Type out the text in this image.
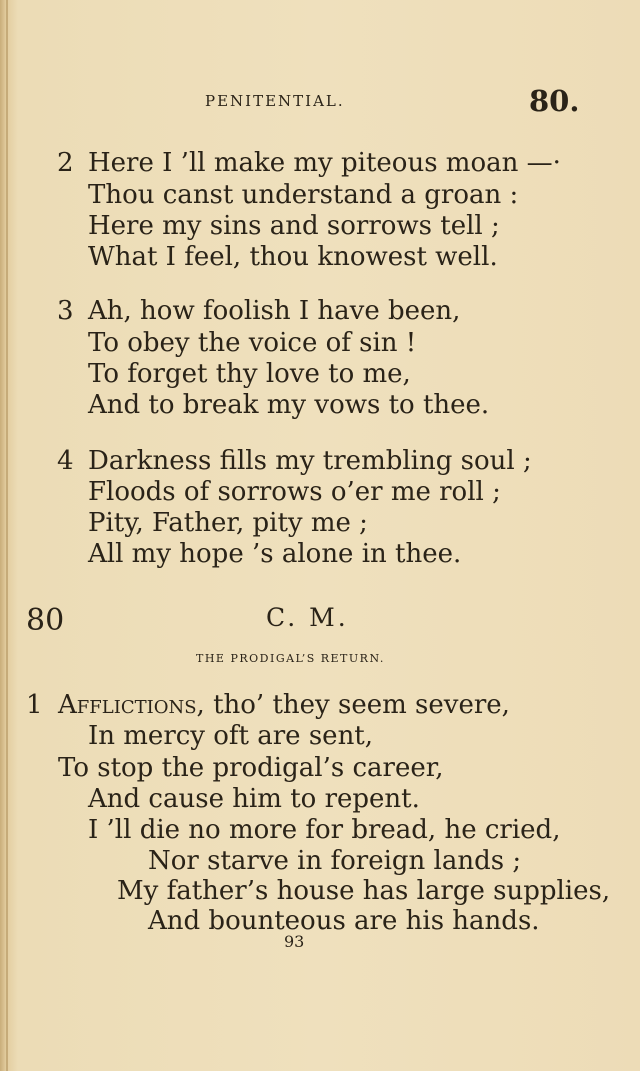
PENITENTIAL.	80.
2 Here I ’ll make my piteous moan —·
Thou canst understand a groan :
Here my sins and sorrows tell ;
What I feel, thou knowest well.
3 Ah, how foolish I have been,
To obey the voice of sin !
To forget thy love to me,
And to break my vows to thee.
4 Darkness fills my trembling soul ;
Floods of sorrows o’er me roll ;
Pity, Father, pity me ;
All my hope ’s alone in thee.
80	C. M.
THE PRODIGAL’S RETURN.
1 Afflictions, tho’ they seem severe,
In mercy oft are sent,
To stop the prodigal’s career,
And cause him to repent.
I ’ll die no more for bread, he cried,
Nor starve in foreign lands ;
My father’s house has large supplies,
And bounteous are his hands.
93
